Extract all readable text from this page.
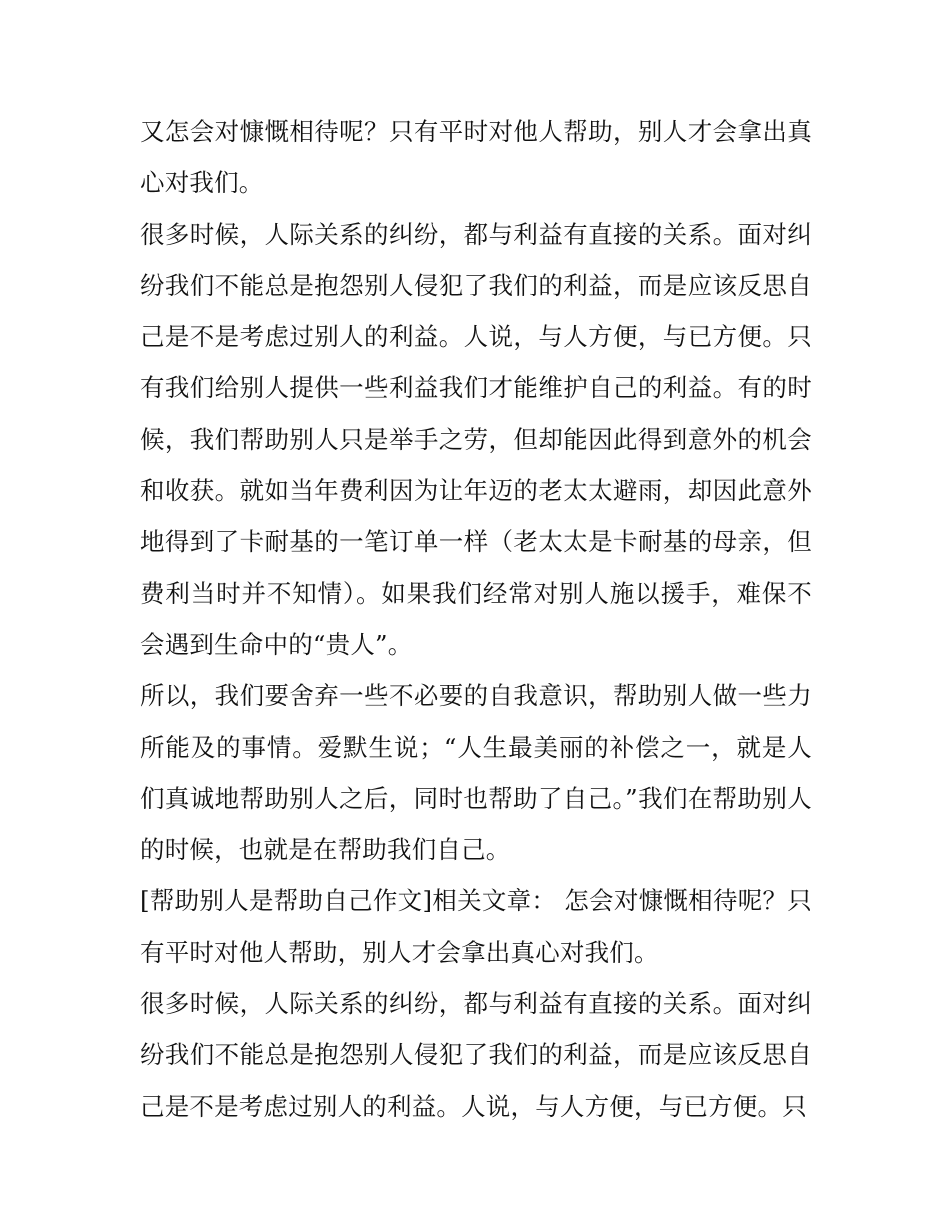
又怎会对慷慨相待呢？只有平时对他人帮助，别人才会拿出真心对我们。

很多时候，人际关系的纠纷，都与利益有直接的关系。面对纠纷我们不能总是抱怨别人侵犯了我们的利益，而是应该反思自己是不是考虑过别人的利益。人说，与人方便，与已方便。只有我们给别人提供一些利益我们才能维护自己的利益。有的时候，我们帮助别人只是举手之劳，但却能因此得到意外的机会和收获。就如当年费利因为让年迈的老太太避雨，却因此意外地得到了卡耐基的一笔订单一样（老太太是卡耐基的母亲，但费利当时并不知情）。如果我们经常对别人施以援手，难保不会遇到生命中的“贵人”。

所以，我们要舍弃一些不必要的自我意识，帮助别人做一些力所能及的事情。爱默生说；“人生最美丽的补偿之一，就是人们真诚地帮助别人之后，同时也帮助了自己。”我们在帮助别人的时候，也就是在帮助我们自己。

[帮助别人是帮助自己作文]相关文章： 怎会对慷慨相待呢？只有平时对他人帮助，别人才会拿出真心对我们。

很多时候，人际关系的纠纷，都与利益有直接的关系。面对纠纷我们不能总是抱怨别人侵犯了我们的利益，而是应该反思自己是不是考虑过别人的利益。人说，与人方便，与已方便。只
